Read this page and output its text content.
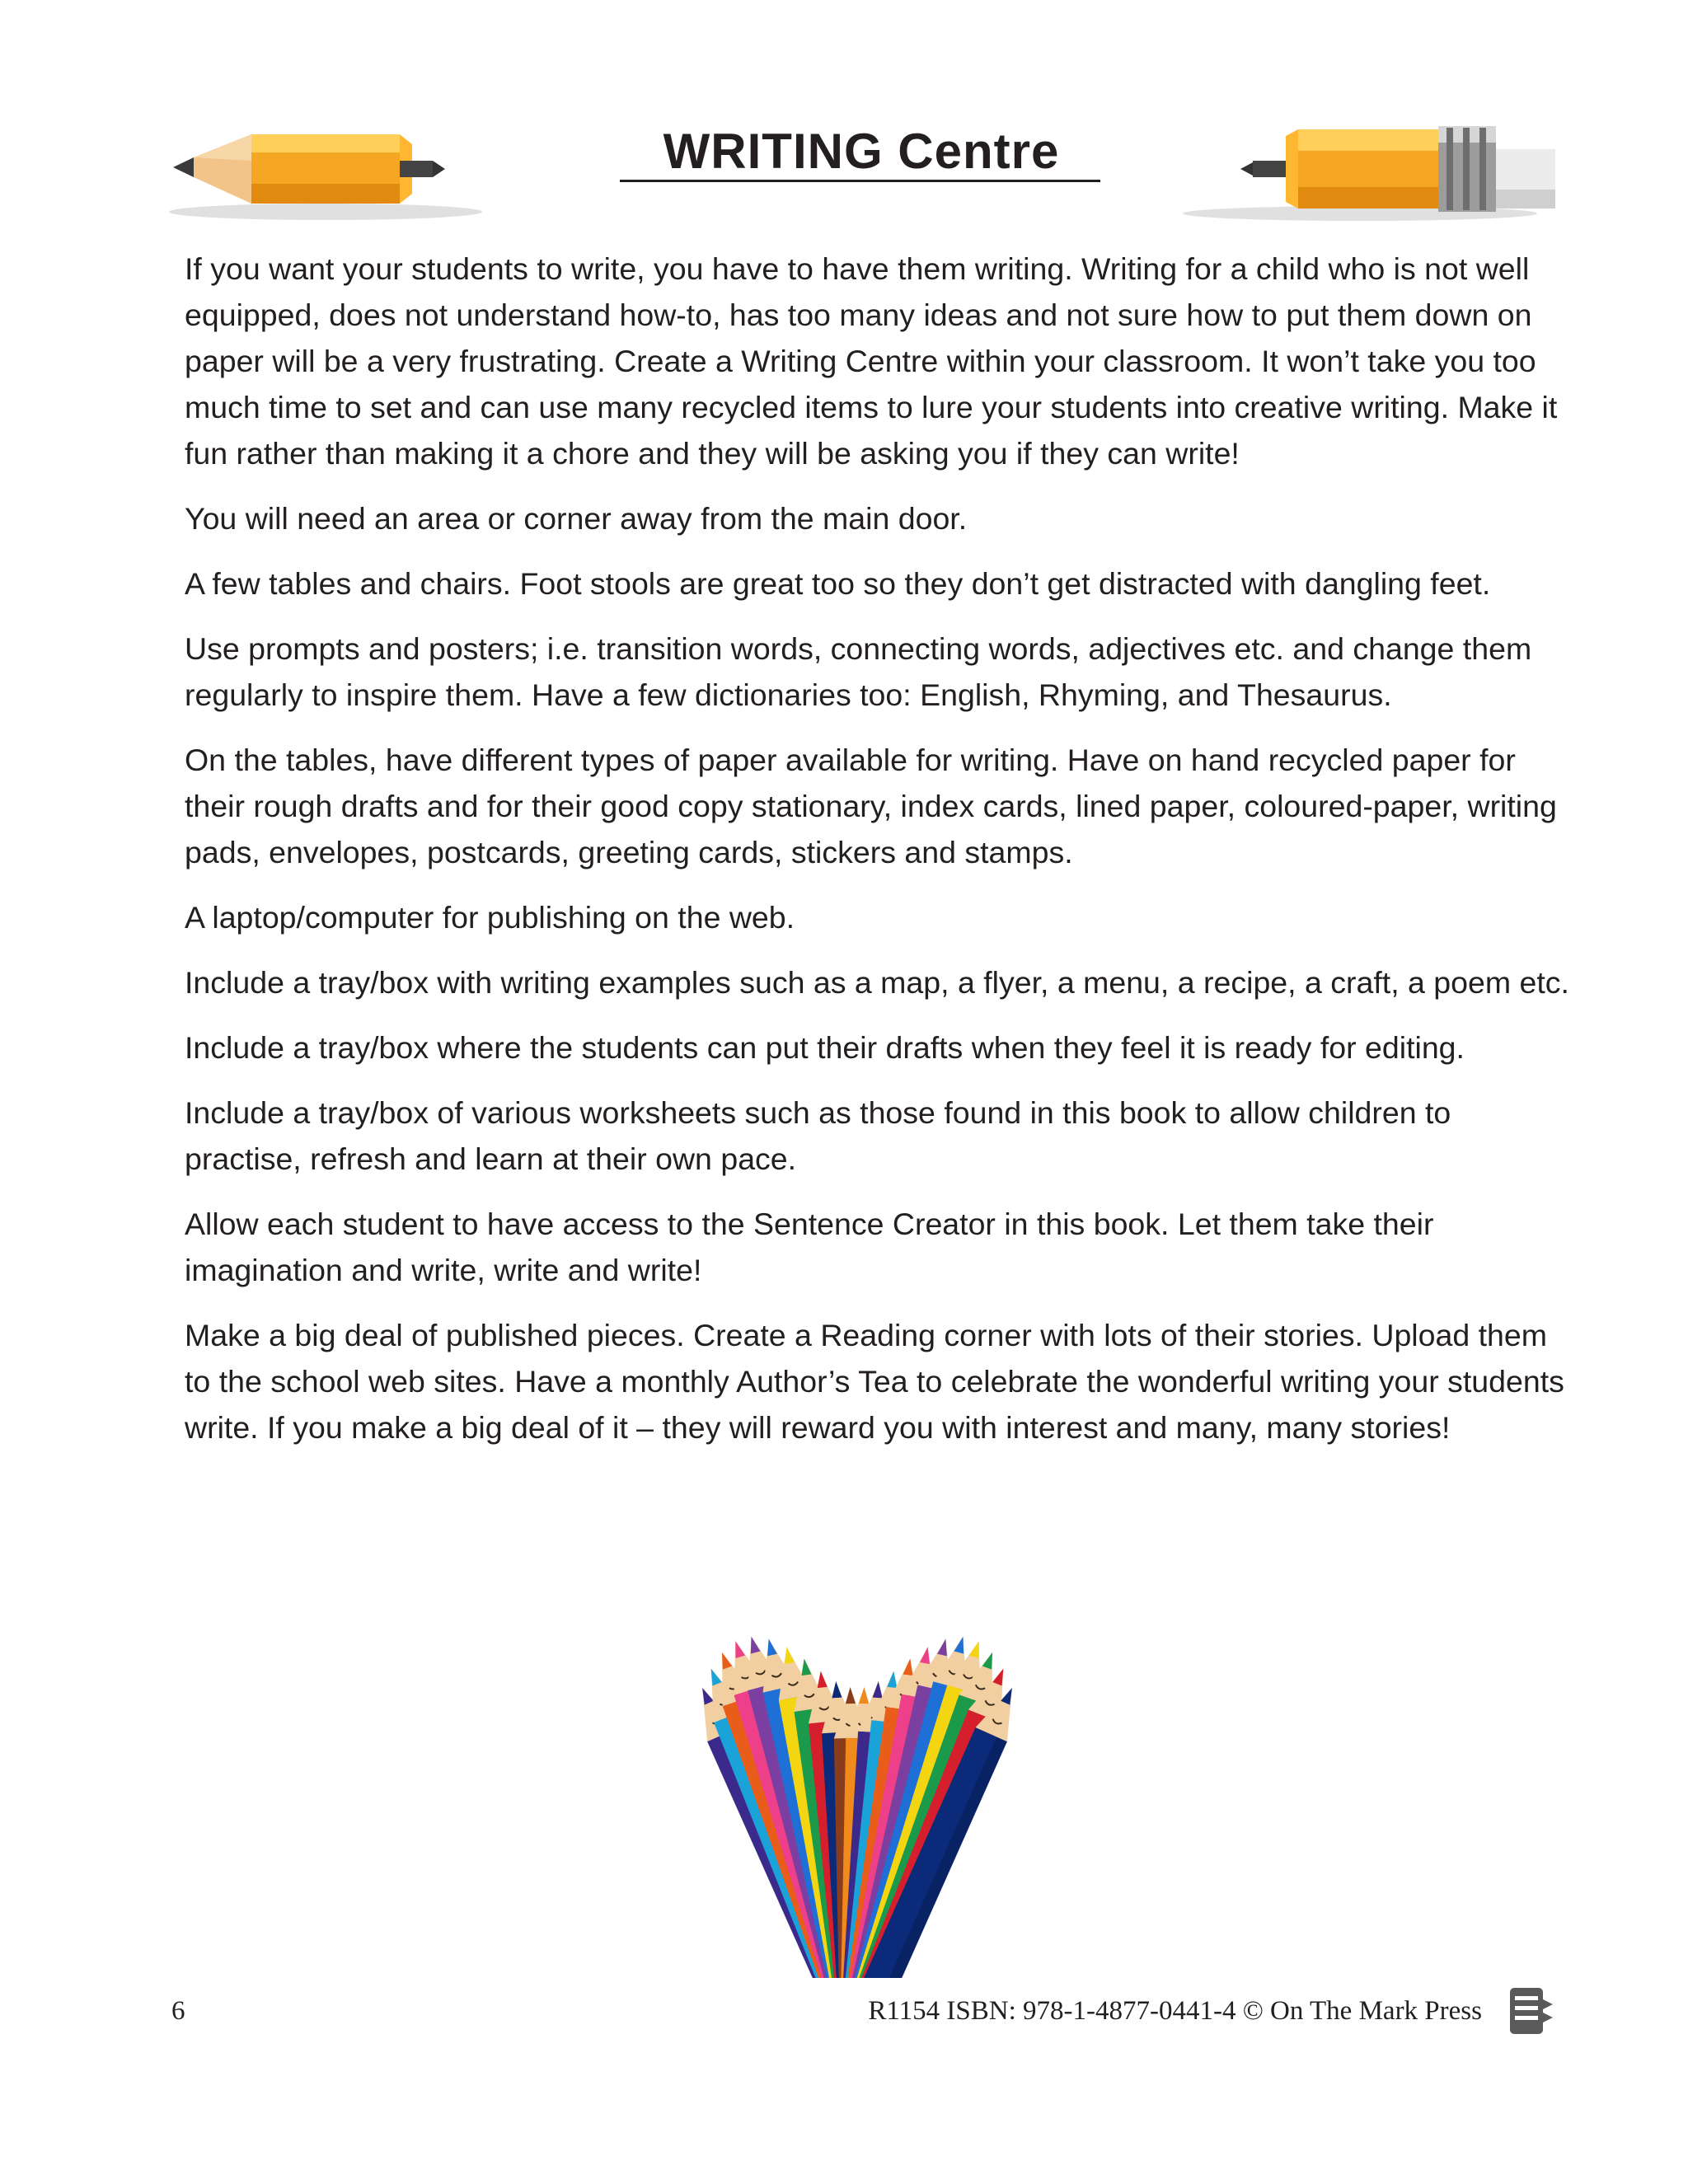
WRITING Centre

If you want your students to write, you have to have them writing. Writing for a child who is not well equipped, does not understand how-to, has too many ideas and not sure how to put them down on paper will be a very frustrating. Create a Writing Centre within your classroom. It won’t take you too much time to set and can use many recycled items to lure your students into creative writing. Make it fun rather than making it a chore and they will be asking you if they can write!

You will need an area or corner away from the main door.

A few tables and chairs. Foot stools are great too so they don’t get distracted with dangling feet.

Use prompts and posters; i.e. transition words, connecting words, adjectives etc. and change them regularly to inspire them. Have a few dictionaries too: English, Rhyming, and Thesaurus.

On the tables, have different types of paper available for writing. Have on hand recycled paper for their rough drafts and for their good copy stationary, index cards, lined paper, coloured-paper, writing pads, envelopes, postcards, greeting cards, stickers and stamps.

A laptop/computer for publishing on the web.

Include a tray/box with writing examples such as a map, a flyer, a menu, a recipe, a craft, a poem etc.

Include a tray/box where the students can put their drafts when they feel it is ready for editing.

Include a tray/box of various worksheets such as those found in this book to allow children to practise, refresh and learn at their own pace.

Allow each student to have access to the Sentence Creator in this book. Let them take their imagination and write, write and write!

Make a big deal of published pieces. Create a Reading corner with lots of their stories. Upload them to the school web sites. Have a monthly Author’s Tea to celebrate the wonderful writing your students write. If you make a big deal of it – they will reward you with interest and many, many stories!

6	R1154 ISBN: 978-1-4877-0441-4 © On The Mark Press
